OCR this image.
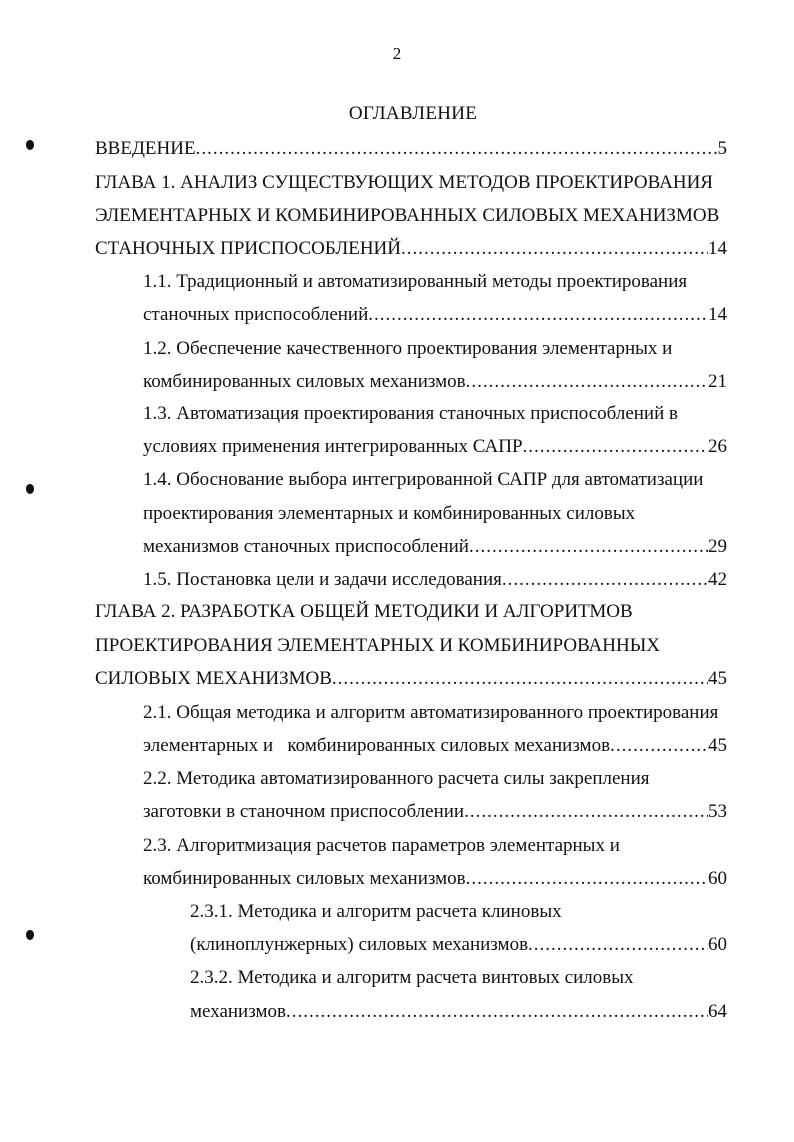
2
ОГЛАВЛЕНИЕ
ВВЕДЕНИЕ .....	5
ГЛАВА 1. АНАЛИЗ СУЩЕСТВУЮЩИХ МЕТОДОВ ПРОЕКТИРОВАНИЯ
ЭЛЕМЕНТАРНЫХ И КОМБИНИРОВАННЫХ СИЛОВЫХ МЕХАНИЗМОВ
СТАНОЧНЫХ ПРИСПОСОБЛЕНИЙ .....	14
1.1. Традиционный и автоматизированный методы проектирования
станочных приспособлений .....	14
1.2. Обеспечение качественного проектирования элементарных и
комбинированных силовых механизмов .....	21
1.3. Автоматизация проектирования станочных приспособлений в
условиях применения интегрированных САПР .....	26
1.4. Обоснование выбора интегрированной САПР для автоматизации
проектирования элементарных и комбинированных силовых
механизмов станочных приспособлений .....	29
1.5. Постановка цели и задачи исследования .....	42
ГЛАВА 2. РАЗРАБОТКА ОБЩЕЙ МЕТОДИКИ И АЛГОРИТМОВ
ПРОЕКТИРОВАНИЯ ЭЛЕМЕНТАРНЫХ И КОМБИНИРОВАННЫХ
СИЛОВЫХ МЕХАНИЗМОВ .....	45
2.1. Общая методика и алгоритм автоматизированного проектирования
элементарных и   комбинированных силовых механизмов .....	45
2.2. Методика автоматизированного расчета силы закрепления
заготовки в станочном приспособлении .....	53
2.3. Алгоритмизация расчетов параметров элементарных и
комбинированных силовых механизмов .....	60
2.3.1. Методика и алгоритм расчета клиновых
(клиноплунжерных) силовых механизмов .....	60
2.3.2. Методика и алгоритм расчета винтовых силовых
механизмов .....	64
